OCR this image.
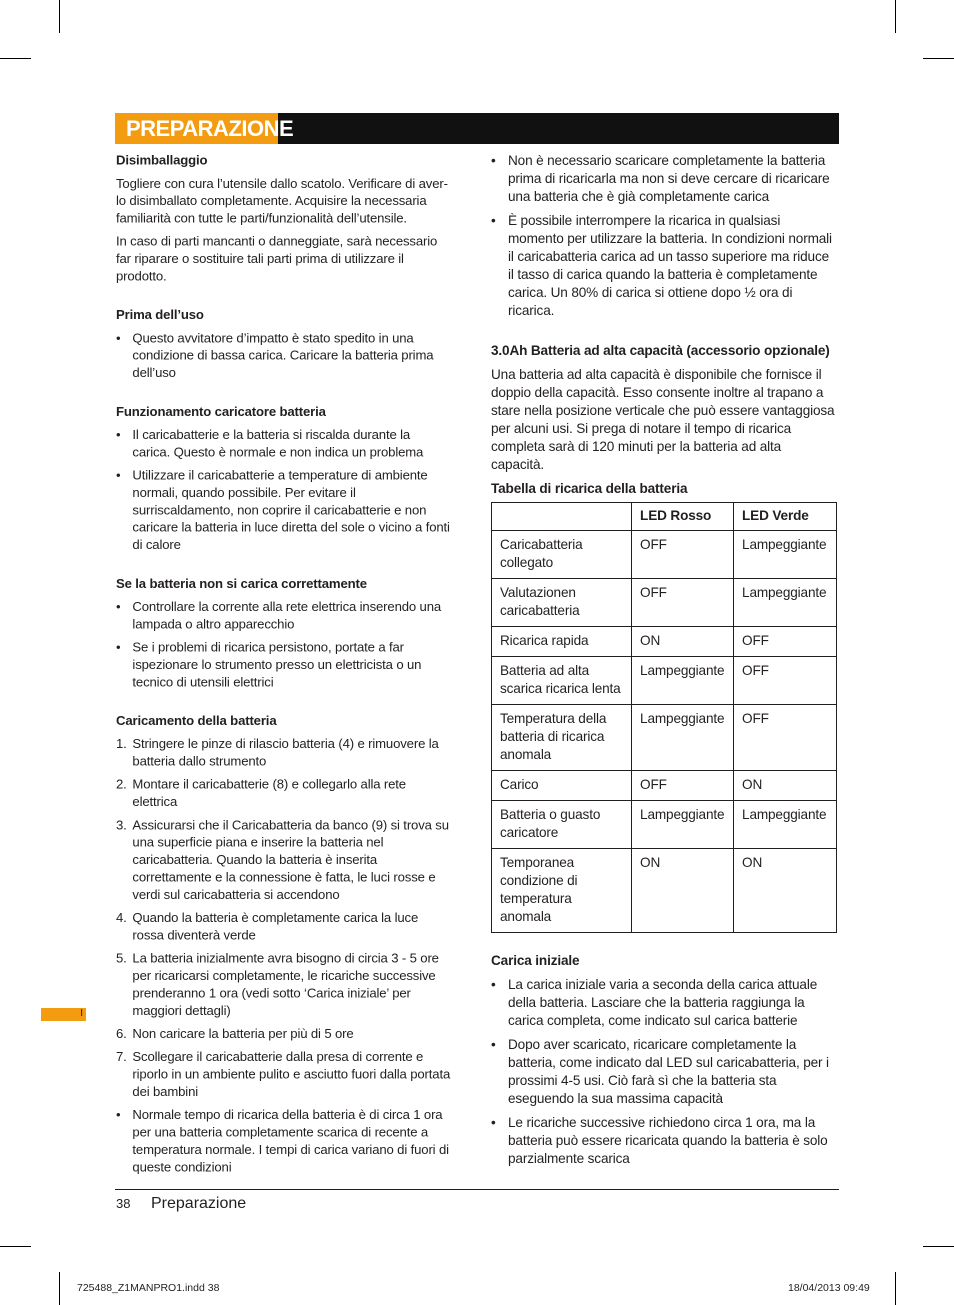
PREPARAZIONE
Disimballaggio

Togliere con cura l’utensile dallo scatolo. Verificare di aver-lo disimballato completamente. Acquisire la necessaria familiarità con tutte le parti/funzionalità dell’utensile.

In caso di parti mancanti o danneggiate, sarà necessario far riparare o sostituire tali parti prima di utilizzare il prodotto.

Prima dell’uso
• Questo avvitatore d’impatto è stato spedito in una condizione di bassa carica. Caricare la batteria prima dell’uso
Funzionamento caricatore batteria
• Il caricabatterie e la batteria si riscalda durante la carica. Questo è normale e non indica un problema
• Utilizzare il caricabatterie a temperature di ambiente normali, quando possibile. Per evitare il surriscaldamento, non coprire il caricabatterie e non caricare la batteria in luce diretta del sole o vicino a fonti di calore
Se la batteria non si carica correttamente
• Controllare la corrente alla rete elettrica inserendo una lampada o altro apparecchio
• Se i problemi di ricarica persistono, portate a far ispezionare lo strumento presso un elettricista o un tecnico di utensili elettrici
Caricamento della batteria
1. Stringere le pinze di rilascio batteria (4) e rimuovere la batteria dallo strumento
2. Montare il caricabatterie (8) e collegarlo alla rete elettrica
3. Assicurarsi che il Caricabatteria da banco (9) si trova su una superficie piana e inserire la batteria nel caricabatteria. Quando la batteria è inserita correttamente e la connessione è fatta, le luci rosse e verdi sul caricabatteria si accendono
4. Quando la batteria è completamente carica la luce rossa diventerà verde
5. La batteria inizialmente avra bisogno di circia 3 - 5 ore per ricaricarsi completamente, le ricariche successive prenderanno 1 ora (vedi sotto ‘Carica iniziale’ per maggiori dettagli)
6. Non caricare la batteria per più di 5 ore
7. Scollegare il caricabatterie dalla presa di corrente e riporlo in un ambiente pulito e asciutto fuori dalla portata dei bambini
• Normale tempo di ricarica della batteria è di circa 1 ora per una batteria completamente scarica di recente a temperatura normale. I tempi di carica variano di fuori di queste condizioni
• Non è necessario scaricare completamente la batteria prima di ricaricarla ma non si deve cercare di ricaricare una batteria che è già completamente carica
• È possibile interrompere la ricarica in qualsiasi momento per utilizzare la batteria. In condizioni normali il caricabatteria carica ad un tasso superiore ma riduce il tasso di carica quando la batteria è completamente carica. Un 80% di carica si ottiene dopo ½ ora di ricarica.
3.0Ah Batteria ad alta capacità (accessorio opzionale)

Una batteria ad alta capacità è disponibile che fornisce il doppio della capacità. Esso consente inoltre al trapano a stare nella posizione verticale che può essere vantaggiosa per alcuni usi. Si prega di notare il tempo di ricarica completa sarà di 120 minuti per la batteria ad alta capacità.

Tabella di ricarica della batteria
	LED Rosso	LED Verde
Caricabatteria collegato	OFF	Lampeggiante
Valutazionen caricabatteria	OFF	Lampeggiante
Ricarica rapida	ON	OFF
Batteria ad alta scarica ricarica lenta	Lampeggiante	OFF
Temperatura della batteria di ricarica anomala	Lampeggiante	OFF
Carico	OFF	ON
Batteria o guasto caricatore	Lampeggiante	Lampeggiante
Temporanea condizione di temperatura anomala	ON	ON
Carica iniziale
• La carica iniziale varia a seconda della carica attuale della batteria. Lasciare che la batteria raggiunga la carica completa, come indicato sul carica batterie
• Dopo aver scaricato, ricaricare completamente la batteria, come indicato dal LED sul caricabatteria, per i prossimi 4-5 usi. Ciò farà sì che la batteria sta eseguendo la sua massima capacità
• Le ricariche successive richiedono circa 1 ora, ma la batteria può essere ricaricata quando la batteria è solo parzialmente scarica
I
38 Preparazione
725488_Z1MANPRO1.indd 38	18/04/2013 09:49
